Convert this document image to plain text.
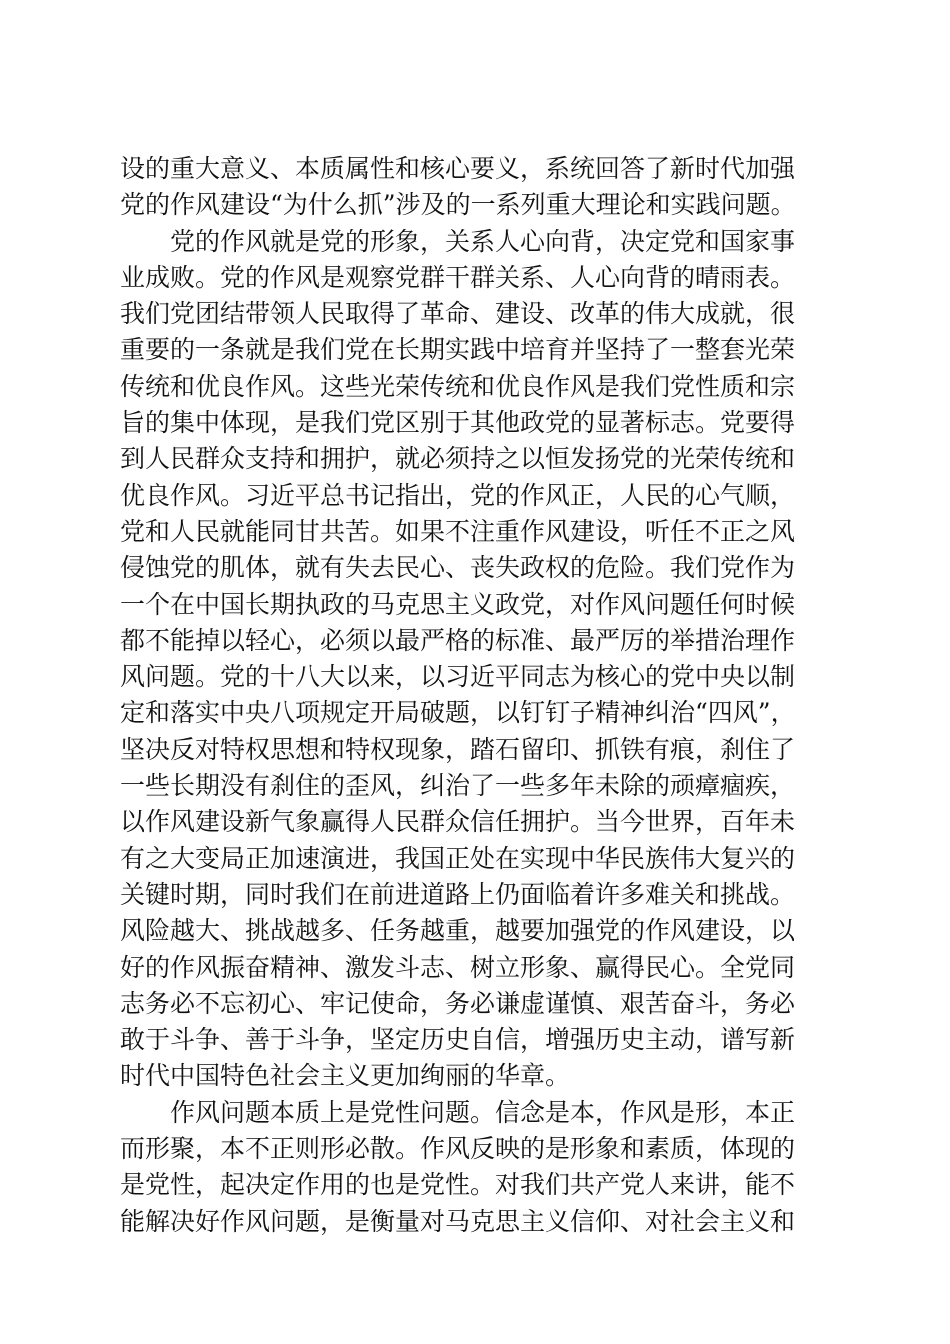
设的重大意义、本质属性和核心要义，系统回答了新时代加强
党的作风建设“为什么抓”涉及的一系列重大理论和实践问题。
党的作风就是党的形象，关系人心向背，决定党和国家事
业成败。党的作风是观察党群干群关系、人心向背的晴雨表。
我们党团结带领人民取得了革命、建设、改革的伟大成就，很
重要的一条就是我们党在长期实践中培育并坚持了一整套光荣
传统和优良作风。这些光荣传统和优良作风是我们党性质和宗
旨的集中体现，是我们党区别于其他政党的显著标志。党要得
到人民群众支持和拥护，就必须持之以恒发扬党的光荣传统和
优良作风。习近平总书记指出，党的作风正，人民的心气顺，
党和人民就能同甘共苦。如果不注重作风建设，听任不正之风
侵蚀党的肌体，就有失去民心、丧失政权的危险。我们党作为
一个在中国长期执政的马克思主义政党，对作风问题任何时候
都不能掉以轻心，必须以最严格的标准、最严厉的举措治理作
风问题。党的十八大以来，以习近平同志为核心的党中央以制
定和落实中央八项规定开局破题，以钉钉子精神纠治“四风”，
坚决反对特权思想和特权现象，踏石留印、抓铁有痕，刹住了
一些长期没有刹住的歪风，纠治了一些多年未除的顽瘴痼疾，
以作风建设新气象赢得人民群众信任拥护。当今世界，百年未
有之大变局正加速演进，我国正处在实现中华民族伟大复兴的
关键时期，同时我们在前进道路上仍面临着许多难关和挑战。
风险越大、挑战越多、任务越重，越要加强党的作风建设，以
好的作风振奋精神、激发斗志、树立形象、赢得民心。全党同
志务必不忘初心、牢记使命，务必谦虚谨慎、艰苦奋斗，务必
敢于斗争、善于斗争，坚定历史自信，增强历史主动，谱写新
时代中国特色社会主义更加绚丽的华章。
作风问题本质上是党性问题。信念是本，作风是形，本正
而形聚，本不正则形必散。作风反映的是形象和素质，体现的
是党性，起决定作用的也是党性。对我们共产党人来讲，能不
能解决好作风问题，是衡量对马克思主义信仰、对社会主义和
